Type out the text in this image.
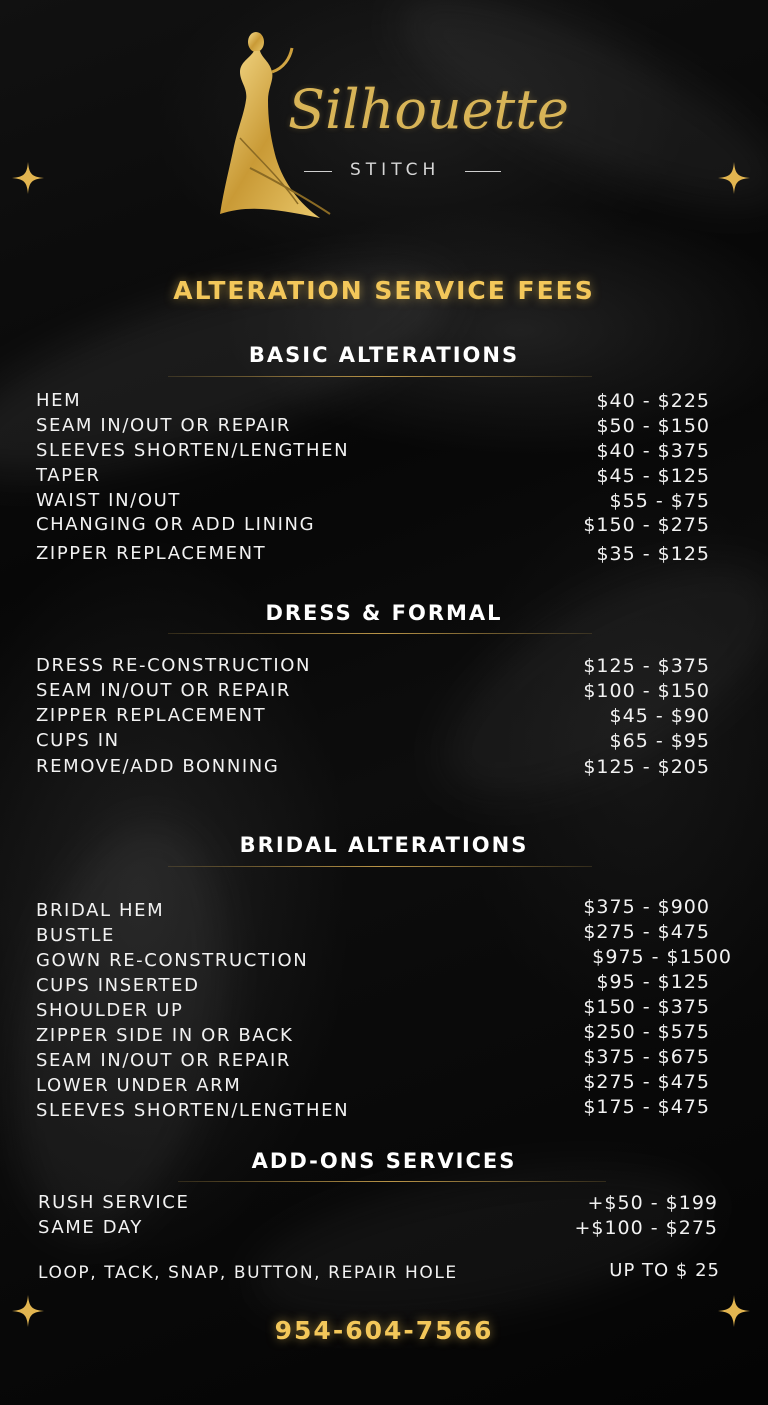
Silhouette
STITCH
ALTERATION SERVICE FEES
BASIC ALTERATIONS
HEM	$40 - $225
SEAM IN/OUT OR REPAIR	$50 - $150
SLEEVES SHORTEN/LENGTHEN	$40 - $375
TAPER	$45 - $125
WAIST IN/OUT	$55 - $75
CHANGING OR ADD LINING	$150 - $275
ZIPPER REPLACEMENT	$35 - $125
DRESS & FORMAL
DRESS RE-CONSTRUCTION	$125 - $375
SEAM IN/OUT OR REPAIR	$100 - $150
ZIPPER REPLACEMENT	$45 - $90
CUPS IN	$65 - $95
REMOVE/ADD BONNING	$125 - $205
BRIDAL ALTERATIONS
BRIDAL HEM	$375 - $900
BUSTLE	$275 - $475
GOWN RE-CONSTRUCTION	$975 - $1500
CUPS INSERTED	$95 - $125
SHOULDER UP	$150 - $375
ZIPPER SIDE IN OR BACK	$250 - $575
SEAM IN/OUT OR REPAIR	$375 - $675
LOWER UNDER ARM	$275 - $475
SLEEVES SHORTEN/LENGTHEN	$175 - $475
ADD-ONS SERVICES
RUSH SERVICE	+$50 - $199
SAME DAY	+$100 - $275
LOOP, TACK, SNAP, BUTTON, REPAIR HOLE	UP TO $ 25
954-604-7566
